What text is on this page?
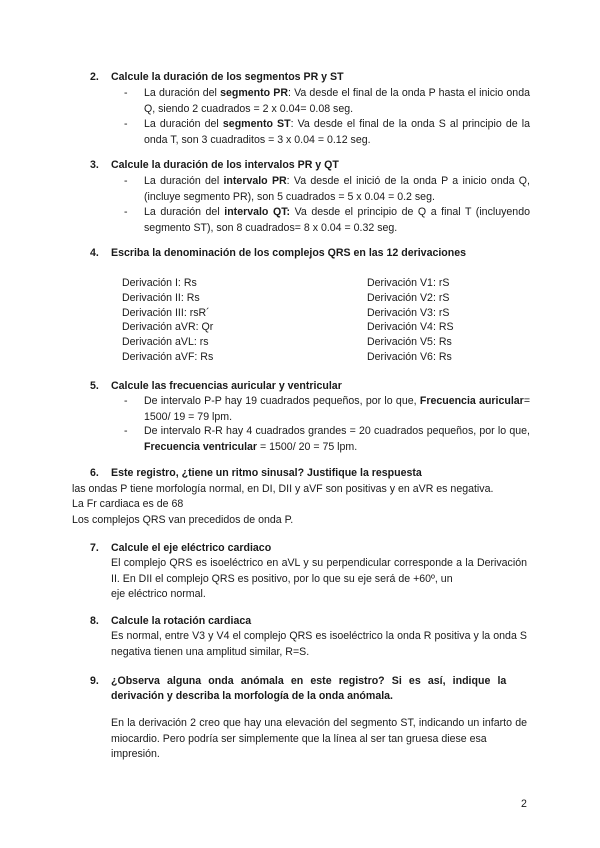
2. Calcule la duración de los segmentos PR y ST
- La duración del segmento PR: Va desde el final de la onda P hasta el inicio onda Q, siendo 2 cuadrados = 2 x 0.04= 0.08 seg.
- La duración del segmento ST: Va desde el final de la onda S al principio de la onda T, son 3 cuadraditos = 3 x 0.04 = 0.12 seg.
3. Calcule la duración de los intervalos PR y QT
- La duración del intervalo PR: Va desde el inició de la onda P a inicio onda Q, (incluye segmento PR), son 5 cuadrados = 5 x 0.04 = 0.2 seg.
- La duración del intervalo QT: Va desde el principio de Q a final T (incluyendo segmento ST), son 8 cuadrados= 8 x 0.04 = 0.32 seg.
4. Escriba la denominación de los complejos QRS en las 12 derivaciones
Derivación I: Rs
Derivación II: Rs
Derivación III: rsR´
Derivación aVR: Qr
Derivación aVL: rs
Derivación aVF: Rs
Derivación V1: rS
Derivación V2: rS
Derivación V3: rS
Derivación V4: RS
Derivación V5: Rs
Derivación V6: Rs
5. Calcule las frecuencias auricular y ventricular
- De intervalo P-P hay 19 cuadrados pequeños, por lo que, Frecuencia auricular= 1500/ 19 = 79 lpm.
- De intervalo R-R hay 4 cuadrados grandes = 20 cuadrados pequeños, por lo que, Frecuencia ventricular = 1500/ 20 = 75 lpm.
6. Este registro, ¿tiene un ritmo sinusal? Justifique la respuesta
las ondas P tiene morfología normal, en DI, DII y aVF son positivas y en aVR es negativa.
La Fr cardiaca es de 68
Los complejos QRS van precedidos de onda P.
7. Calcule el eje eléctrico cardiaco
El complejo QRS es isoeléctrico en aVL y su perpendicular corresponde a la Derivación II. En DII el complejo QRS es positivo, por lo que su eje será de +60º, un
eje eléctrico normal.
8. Calcule la rotación cardiaca
Es normal, entre V3 y V4 el complejo QRS es isoeléctrico la onda R positiva y la onda S negativa tienen una amplitud similar, R=S.
9. ¿Observa alguna onda anómala en este registro? Si es así, indique la
derivación y describa la morfología de la onda anómala.
En la derivación 2 creo que hay una elevación del segmento ST, indicando un infarto de miocardio. Pero podría ser simplemente que la línea al ser tan gruesa diese esa
impresión.
2
